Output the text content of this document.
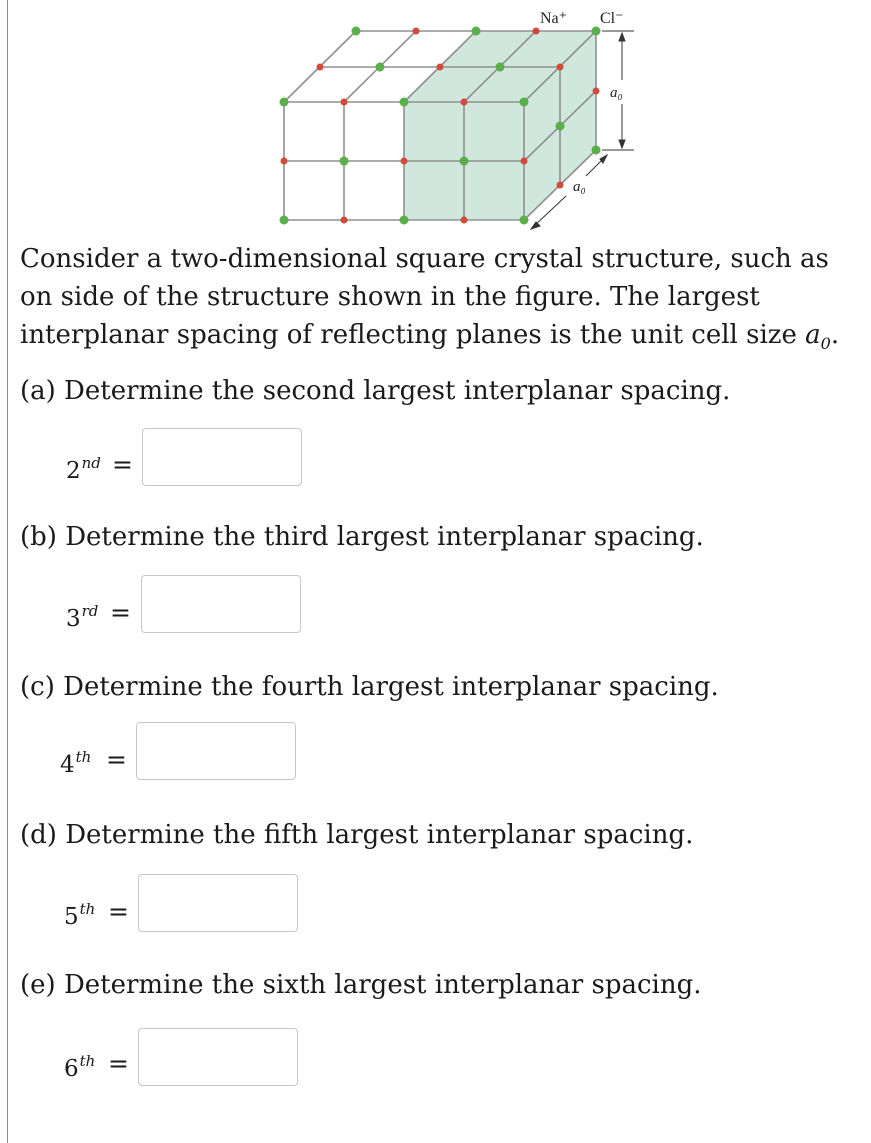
Na⁺ Cl⁻
a₀
a₀

Consider a two-dimensional square crystal structure, such as on side of the structure shown in the figure. The largest interplanar spacing of reflecting planes is the unit cell size $a_0$.

(a) Determine the second largest interplanar spacing.

2nd =

(b) Determine the third largest interplanar spacing.

3rd =

(c) Determine the fourth largest interplanar spacing.

4th =

(d) Determine the fifth largest interplanar spacing.

5th =

(e) Determine the sixth largest interplanar spacing.

6th =
